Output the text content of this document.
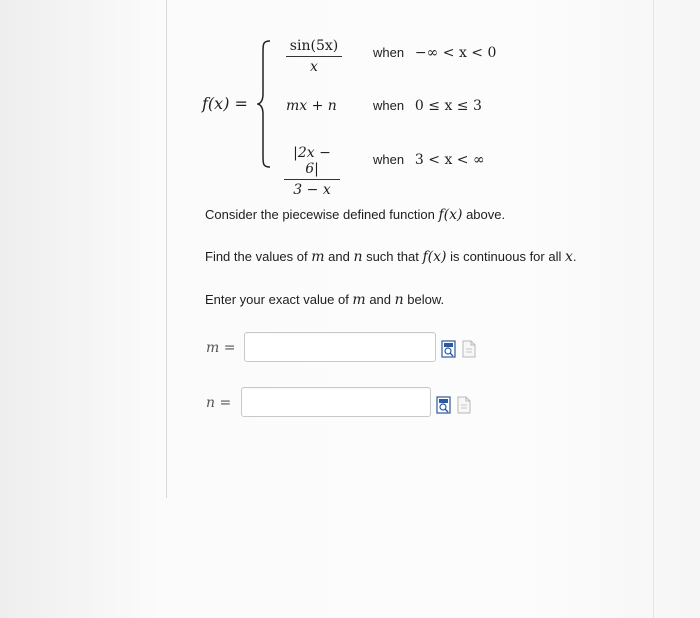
f(x) =
$\frac{\sin(5x)}{x}$ when −∞ < x < 0
mx + n	when 0 ≤ x ≤ 3
$\frac{|2x - 6|}{3 - x}$	when 3 < x < ∞
Consider the piecewise defined function f(x) above.
Find the values of m and n such that f(x) is continuous for all x.
Enter your exact value of m and n below.
m =
n =
